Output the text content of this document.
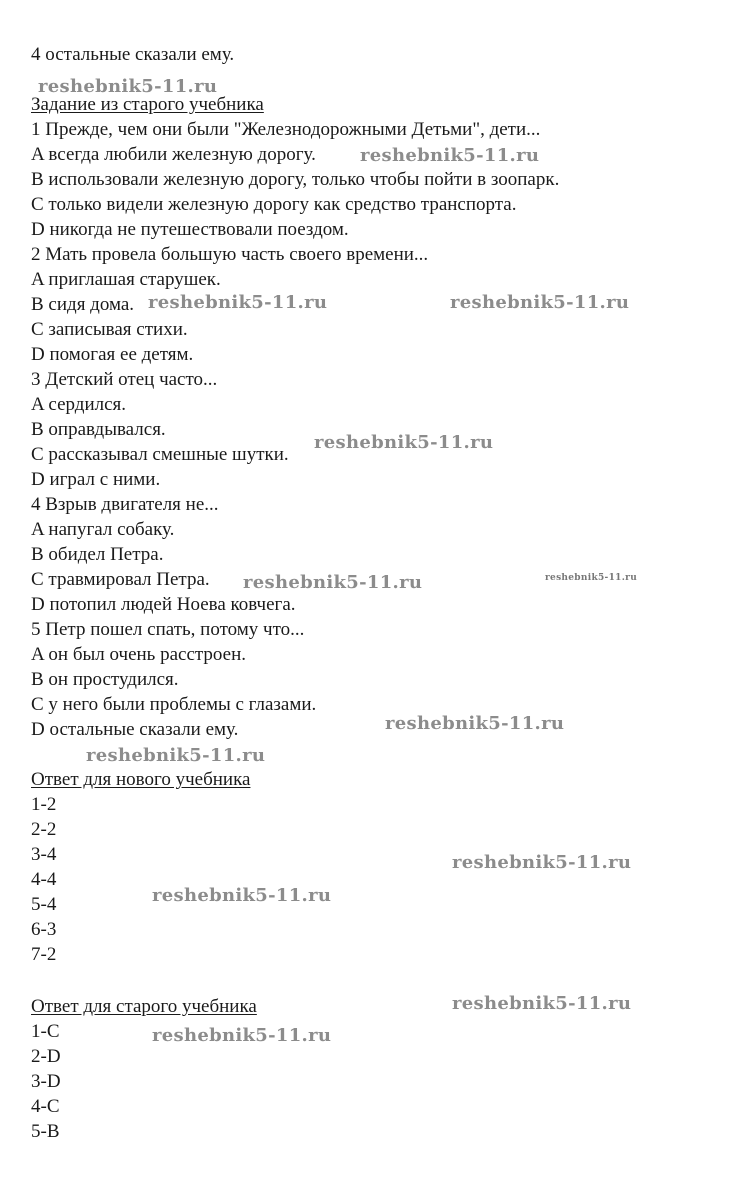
4 остальные сказали ему.
Задание из старого учебника
1 Прежде, чем они были "Железнодорожными Детьми", дети...
A всегда любили железную дорогу.
B использовали железную дорогу, только чтобы пойти в зоопарк.
C только видели железную дорогу как средство транспорта.
D никогда не путешествовали поездом.
2 Мать провела большую часть своего времени...
A приглашая старушек.
B сидя дома.
C записывая стихи.
D помогая ее детям.
3 Детский отец часто...
A сердился.
B оправдывался.
C рассказывал смешные шутки.
D играл с ними.
4 Взрыв двигателя не...
A напугал собаку.
B обидел Петра.
C травмировал Петра.
D потопил людей Ноева ковчега.
5 Петр пошел спать, потому что...
A он был очень расстроен.
B он простудился.
C у него были проблемы с глазами.
D остальные сказали ему.
Ответ для нового учебника
1-2
2-2
3-4
4-4
5-4
6-3
7-2
Ответ для старого учебника
1-C
2-D
3-D
4-C
5-B
reshebnik5-11.ru
reshebnik5-11.ru
reshebnik5-11.ru	reshebnik5-11.ru
reshebnik5-11.ru
reshebnik5-11.ru	reshebnik5-11.ru
reshebnik5-11.ru
reshebnik5-11.ru
reshebnik5-11.ru
reshebnik5-11.ru
reshebnik5-11.ru
reshebnik5-11.ru
